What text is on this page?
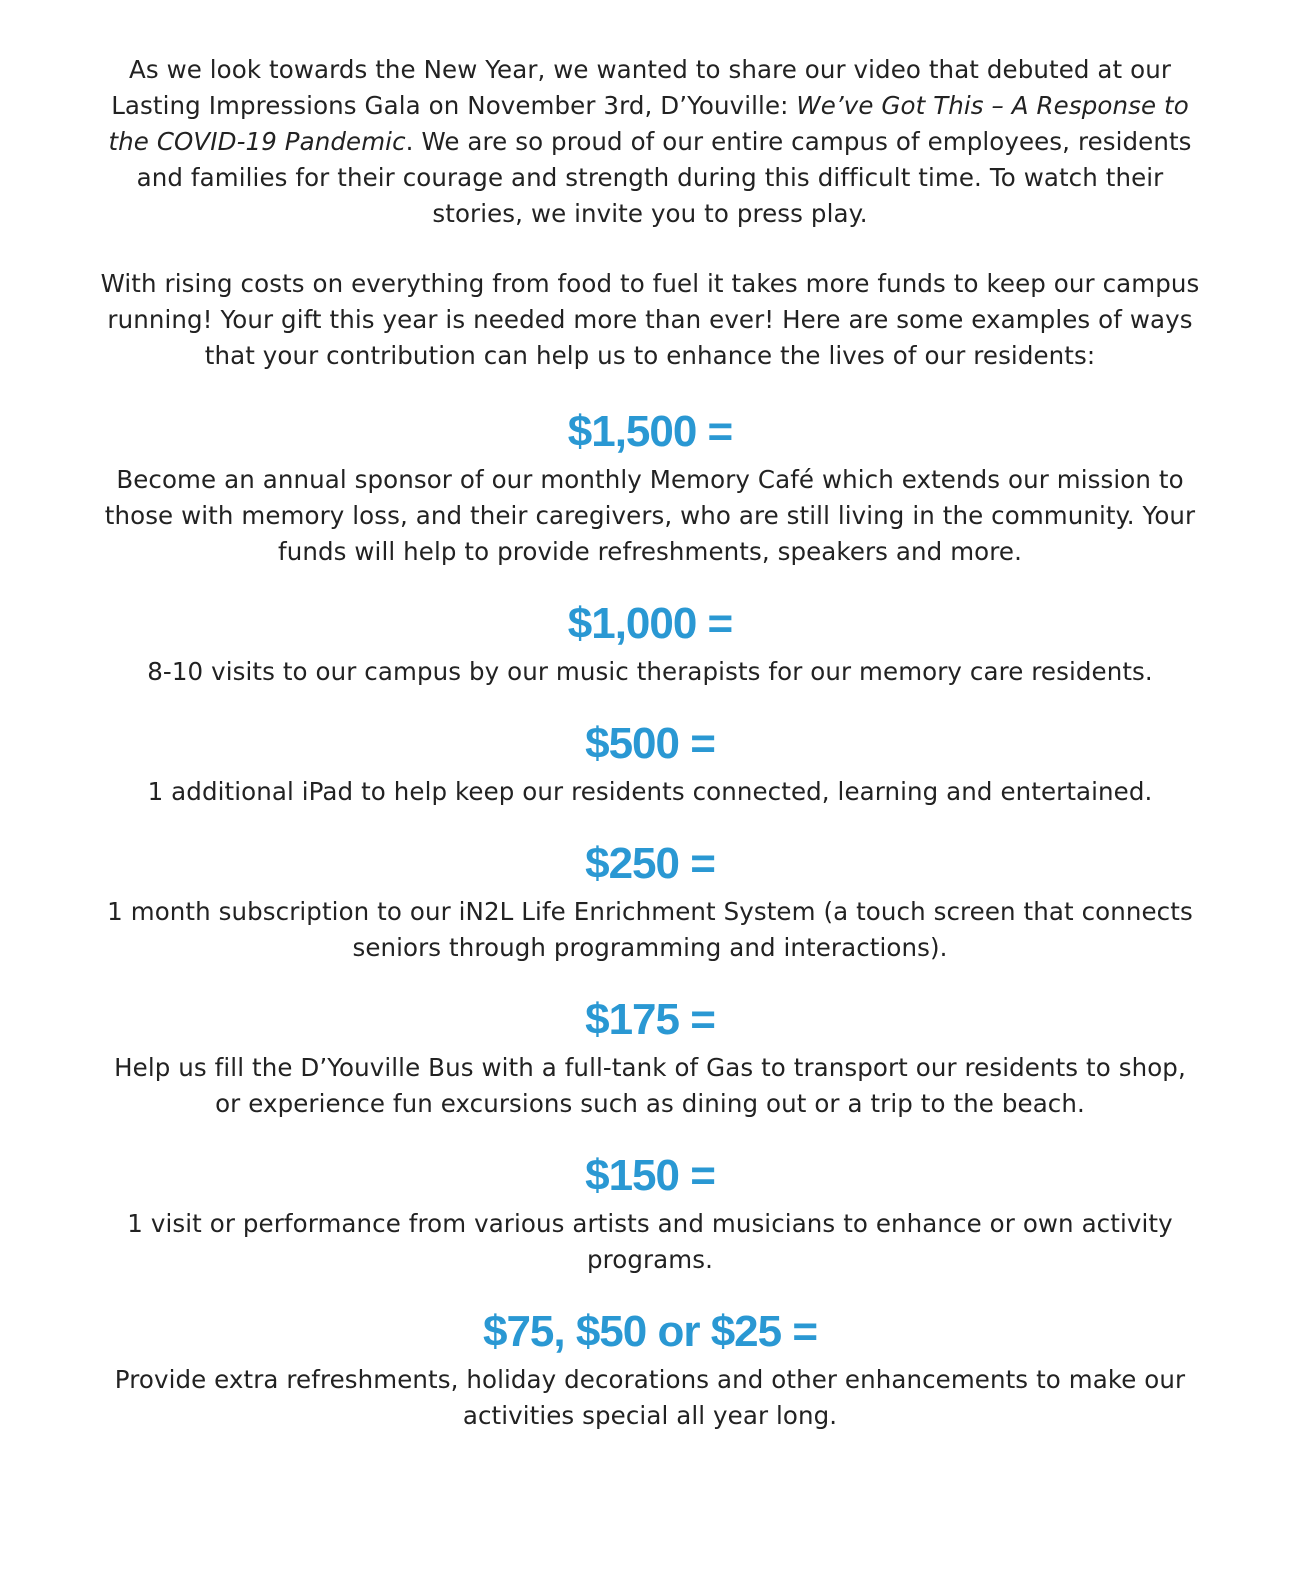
As we look towards the New Year, we wanted to share our video that debuted at our Lasting Impressions Gala on November 3rd, D’Youville: We’ve Got This – A Response to the COVID-19 Pandemic. We are so proud of our entire campus of employees, residents and families for their courage and strength during this difficult time. To watch their stories, we invite you to press play.

With rising costs on everything from food to fuel it takes more funds to keep our campus running! Your gift this year is needed more than ever! Here are some examples of ways that your contribution can help us to enhance the lives of our residents:

$1,500 =

Become an annual sponsor of our monthly Memory Café which extends our mission to those with memory loss, and their caregivers, who are still living in the community. Your funds will help to provide refreshments, speakers and more.

$1,000 =

8-10 visits to our campus by our music therapists for our memory care residents.

$500 =

1 additional iPad to help keep our residents connected, learning and entertained.

$250 =

1 month subscription to our iN2L Life Enrichment System (a touch screen that connects seniors through programming and interactions).

$175 =

Help us fill the D’Youville Bus with a full-tank of Gas to transport our residents to shop, or experience fun excursions such as dining out or a trip to the beach.

$150 =

1 visit or performance from various artists and musicians to enhance or own activity programs.

$75, $50 or $25 =

Provide extra refreshments, holiday decorations and other enhancements to make our activities special all year long.
